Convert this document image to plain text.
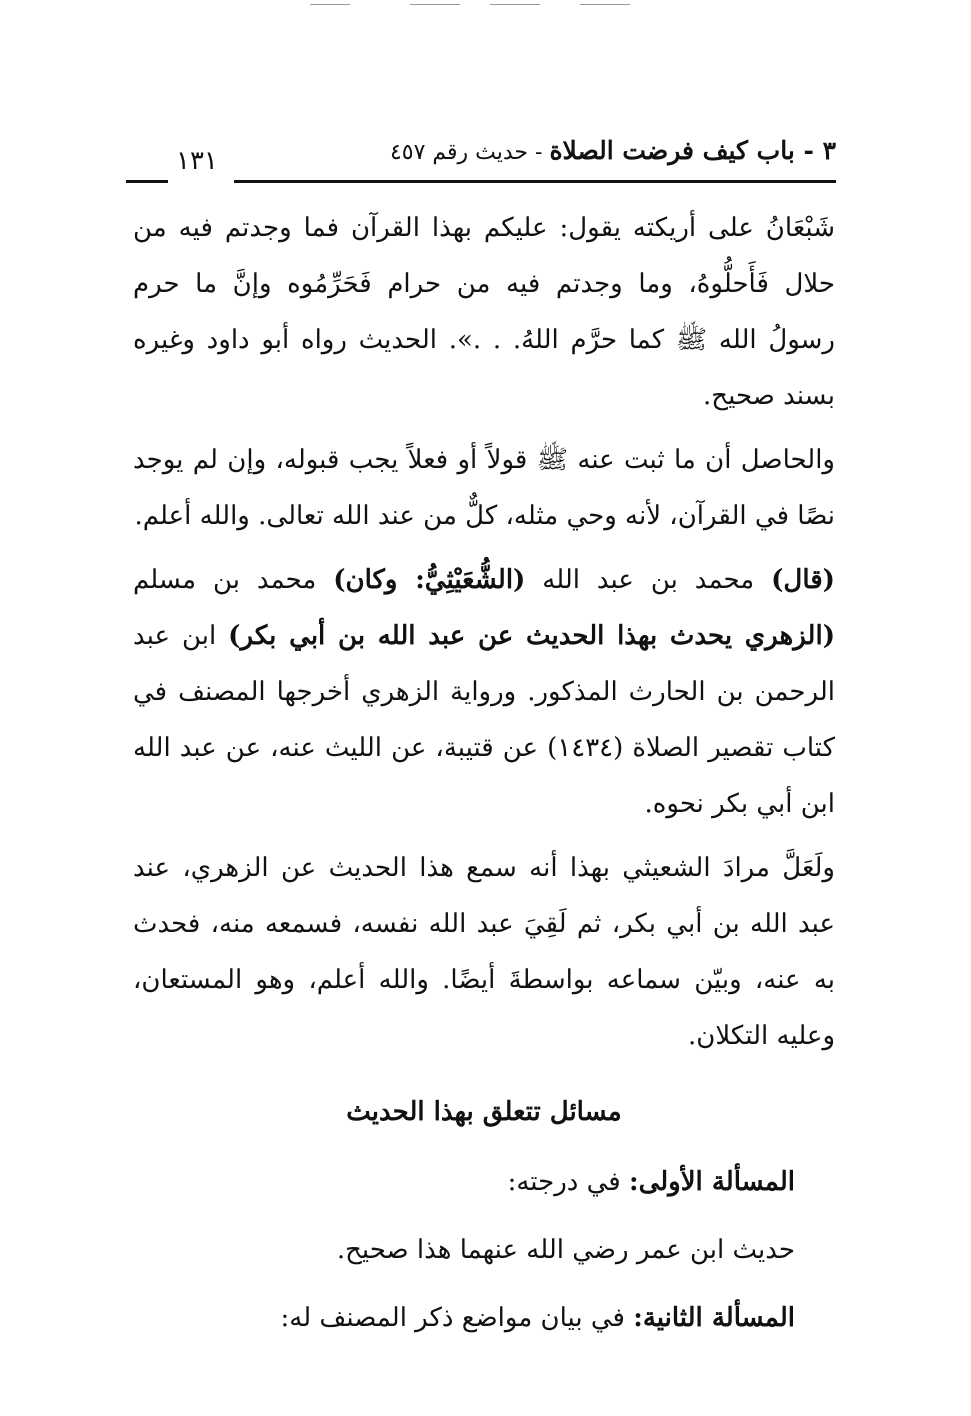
٣ - باب كيف فرضت الصلاة - حديث رقم ٤٥٧
١٣١

شَبْعَانُ على أريكته يقول: عليكم بهذا القرآن فما وجدتم فيه من حلال فَأَحلُّوهُ، وما وجدتم فيه من حرام فَحَرِّمُوه وإنَّ ما حرم رسولُ الله ﷺ كما حرَّم اللهُ. . .». الحديث رواه أبو داود وغيره بسند صحيح.

والحاصل أن ما ثبت عنه ﷺ قولاً أو فعلاً يجب قبوله، وإن لم يوجد نصًا في القرآن، لأنه وحي مثله، كلٌّ من عند الله تعالى. والله أعلم.

(قال) محمد بن عبد الله (الشُّعَيْثِيُّ: وكان) محمد بن مسلم (الزهري يحدث بهذا الحديث عن عبد الله بن أبي بكر) ابن عبد الرحمن بن الحارث المذكور. ورواية الزهري أخرجها المصنف في كتاب تقصير الصلاة (١٤٣٤) عن قتيبة، عن الليث عنه، عن عبد الله ابن أبي بكر نحوه.

ولَعَلَّ مرادَ الشعيثي بهذا أنه سمع هذا الحديث عن الزهري، عند عبد الله بن أبي بكر، ثم لَقِيَ عبد الله نفسه، فسمعه منه، فحدث به عنه، وبيّن سماعه بواسطةَ أيضًا. والله أعلم، وهو المستعان، وعليه التكلان.

مسائل تتعلق بهذا الحديث
المسألة الأولى: في درجته:
حديث ابن عمر رضي الله عنهما هذا صحيح.
المسألة الثانية: في بيان مواضع ذكر المصنف له:
